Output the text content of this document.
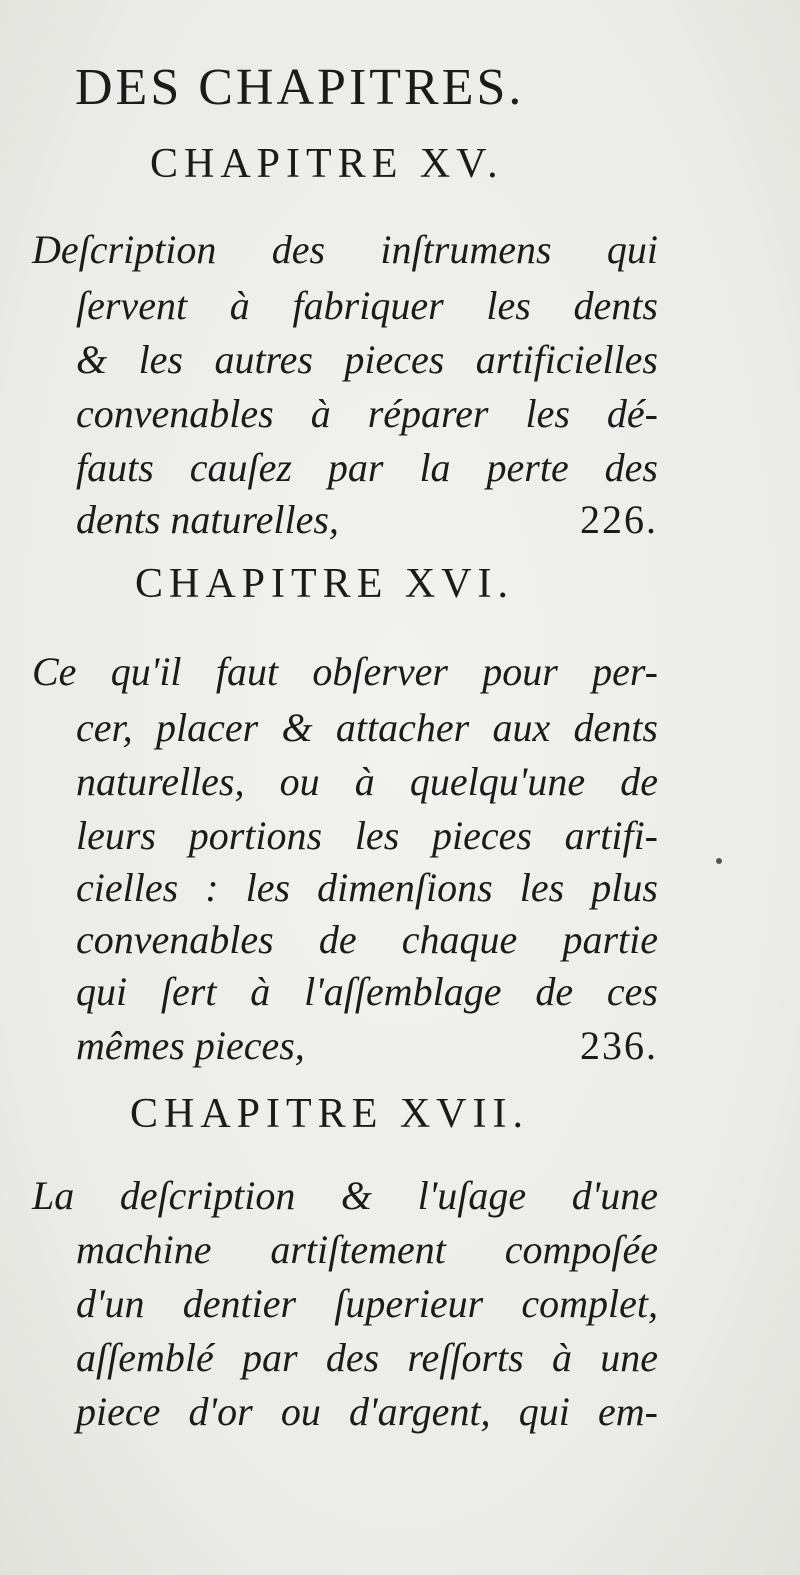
DES CHAPITRES.
CHAPITRE XV.
Deſcription des inſtrumens qui
ſervent à fabriquer les dents
& les autres pieces artificielles
convenables à réparer les dé-
fauts cauſez par la perte des
dents naturelles,	226.
CHAPITRE XVI.
Ce qu'il faut obſerver pour per-
cer, placer & attacher aux dents
naturelles, ou à quelqu'une de
leurs portions les pieces artifi-
cielles : les dimenſions les plus
convenables de chaque partie
qui ſert à l'aſſemblage de ces
mêmes pieces,	236.
CHAPITRE XVII.
La deſcription & l'uſage d'une
machine artiſtement compoſée
d'un dentier ſuperieur complet,
aſſemblé par des reſſorts à une
piece d'or ou d'argent, qui em-
